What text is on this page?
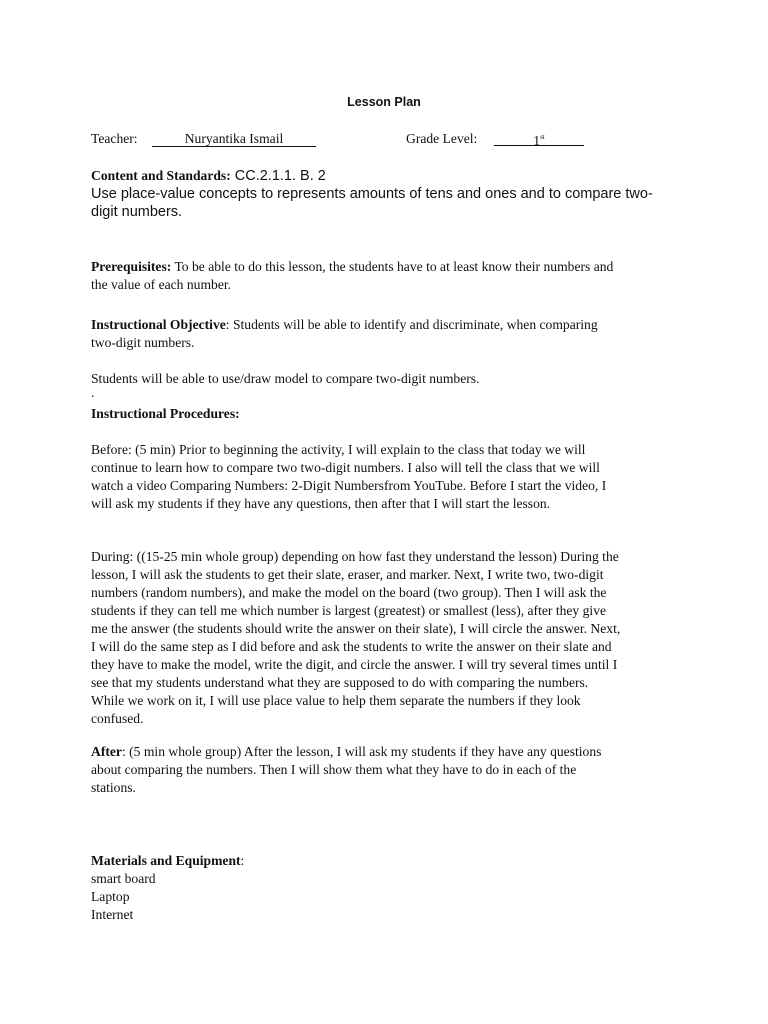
Lesson Plan
Teacher:	Nuryantika Ismail	Grade Level:	1st
Content and Standards: CC.2.1.1. B. 2
Use place-value concepts to represents amounts of tens and ones and to compare two-
digit numbers.
Prerequisites: To be able to do this lesson, the students have to at least know their numbers and
the value of each number.
Instructional Objective: Students will be able to identify and discriminate, when comparing
two-digit numbers.
Students will be able to use/draw model to compare two-digit numbers.
.
Instructional Procedures:
Before: (5 min) Prior to beginning the activity, I will explain to the class that today we will
continue to learn how to compare two two-digit numbers. I also will tell the class that we will
watch a video Comparing Numbers: 2-Digit Numbersfrom YouTube. Before I start the video, I
will ask my students if they have any questions, then after that I will start the lesson.
During: ((15-25 min whole group) depending on how fast they understand the lesson) During the
lesson, I will ask the students to get their slate, eraser, and marker. Next, I write two, two-digit
numbers (random numbers), and make the model on the board (two group). Then I will ask the
students if they can tell me which number is largest (greatest) or smallest (less), after they give
me the answer (the students should write the answer on their slate), I will circle the answer. Next,
I will do the same step as I did before and ask the students to write the answer on their slate and
they have to make the model, write the digit, and circle the answer. I will try several times until I
see that my students understand what they are supposed to do with comparing the numbers.
While we work on it, I will use place value to help them separate the numbers if they look
confused.
After: (5 min whole group) After the lesson, I will ask my students if they have any questions
about comparing the numbers. Then I will show them what they have to do in each of the
stations.
Materials and Equipment:
smart board
Laptop
Internet
